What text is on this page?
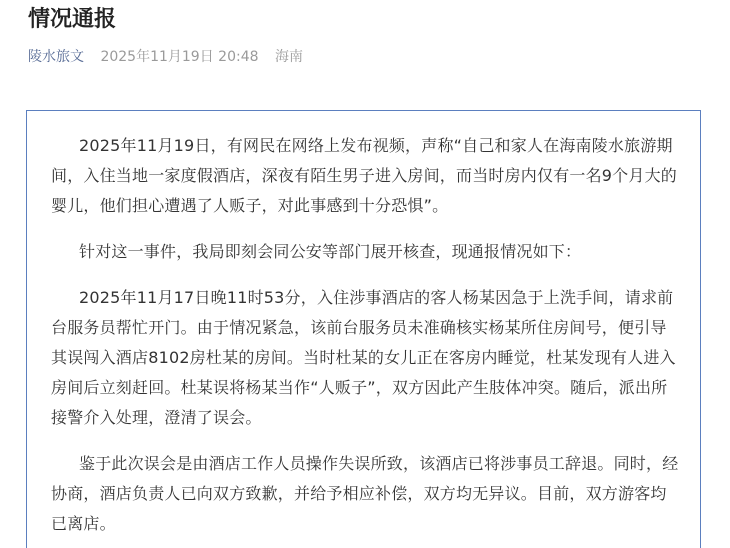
情况通报
陵水旅文 2025年11月19日 20:48 海南

2025年11月19日，有网民在网络上发布视频，声称“自己和家人在海南陵水旅游期间，入住当地一家度假酒店，深夜有陌生男子进入房间，而当时房内仅有一名9个月大的婴儿，他们担心遭遇了人贩子，对此事感到十分恐惧”。

针对这一事件，我局即刻会同公安等部门展开核查，现通报情况如下：

2025年11月17日晚11时53分，入住涉事酒店的客人杨某因急于上洗手间，请求前台服务员帮忙开门。由于情况紧急，该前台服务员未准确核实杨某所住房间号，便引导其误闯入酒店8102房杜某的房间。当时杜某的女儿正在客房内睡觉，杜某发现有人进入房间后立刻赶回。杜某误将杨某当作“人贩子”，双方因此产生肢体冲突。随后，派出所接警介入处理，澄清了误会。

鉴于此次误会是由酒店工作人员操作失误所致，该酒店已将涉事员工辞退。同时，经协商，酒店负责人已向双方致歉，并给予相应补偿，双方均无异议。目前，双方游客均已离店。
